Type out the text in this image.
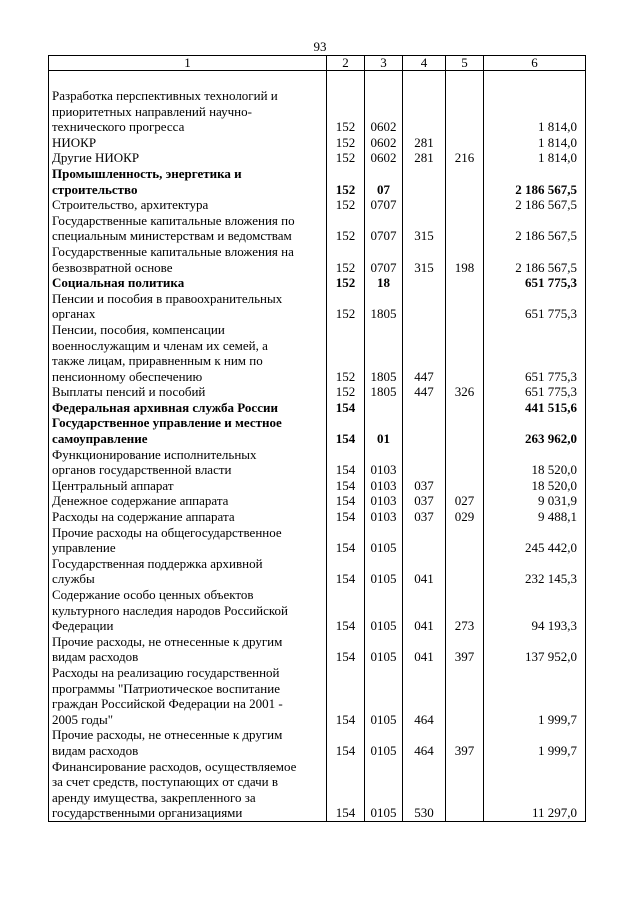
93
1	2	3	4	5	6

Разработка перспективных технологий и
приоритетных направлений научно-
технического прогресса	152	0602			1 814,0
НИОКР	152	0602	281		1 814,0
Другие НИОКР	152	0602	281	216	1 814,0
Промышленность, энергетика и
строительство	152	07			2 186 567,5
Строительство, архитектура	152	0707			2 186 567,5
Государственные капитальные вложения по
специальным министерствам и ведомствам	152	0707	315		2 186 567,5
Государственные капитальные вложения на
безвозвратной основе	152	0707	315	198	2 186 567,5
Социальная политика	152	18			651 775,3
Пенсии и пособия в правоохранительных
органах	152	1805			651 775,3
Пенсии, пособия, компенсации
военнослужащим и членам их семей, а
также лицам, приравненным к ним по
пенсионному обеспечению	152	1805	447		651 775,3
Выплаты пенсий и пособий	152	1805	447	326	651 775,3
Федеральная архивная служба России	154				441 515,6
Государственное управление и местное
самоуправление	154	01			263 962,0
Функционирование исполнительных
органов государственной власти	154	0103			18 520,0
Центральный аппарат	154	0103	037		18 520,0
Денежное содержание аппарата	154	0103	037	027	9 031,9
Расходы на содержание аппарата	154	0103	037	029	9 488,1
Прочие расходы на общегосударственное
управление	154	0105			245 442,0
Государственная поддержка архивной
службы	154	0105	041		232 145,3
Содержание особо ценных объектов
культурного наследия народов Российской
Федерации	154	0105	041	273	94 193,3
Прочие расходы, не отнесенные к другим
видам расходов	154	0105	041	397	137 952,0
Расходы на реализацию государственной
программы "Патриотическое воспитание
граждан Российской Федерации на 2001 -
2005 годы"	154	0105	464		1 999,7
Прочие расходы, не отнесенные к другим
видам расходов	154	0105	464	397	1 999,7
Финансирование расходов, осуществляемое
за счет средств, поступающих от сдачи в
аренду имущества, закрепленного за
государственными организациями	154	0105	530		11 297,0
